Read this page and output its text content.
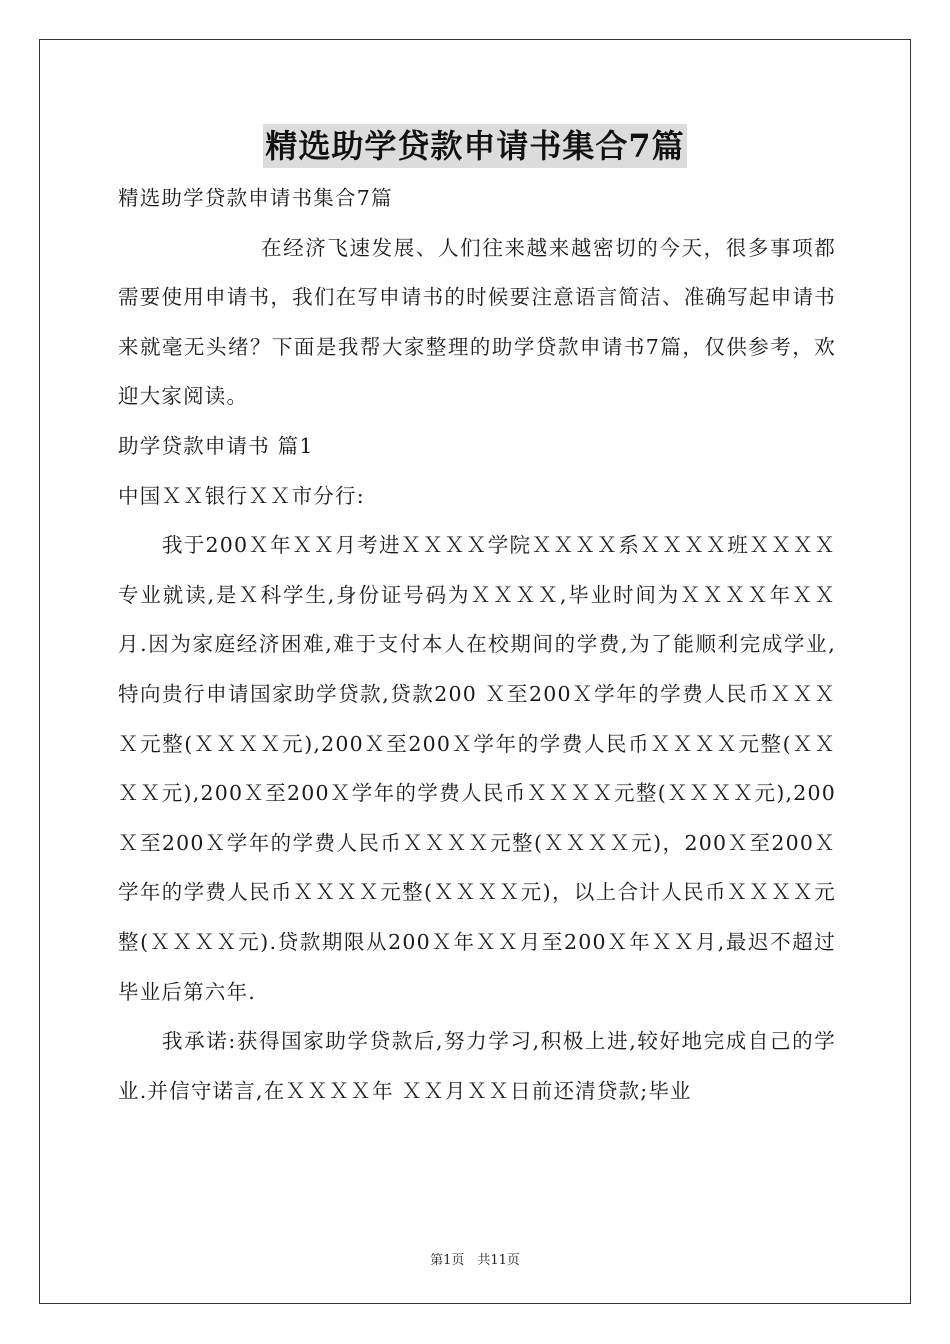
精选助学贷款申请书集合7篇

精选助学贷款申请书集合7篇

在经济飞速发展、人们往来越来越密切的今天，很多事项都需要使用申请书，我们在写申请书的时候要注意语言简洁、准确写起申请书来就毫无头绪？下面是我帮大家整理的助学贷款申请书7篇，仅供参考，欢迎大家阅读。

助学贷款申请书 篇1

中国ＸＸ银行ＸＸ市分行:

我于200Ｘ年ＸＸ月考进ＸＸＸＸ学院ＸＸＸＸ系ＸＸＸＸ班ＸＸＸＸ专业就读,是Ｘ科学生,身份证号码为ＸＸＸＸ,毕业时间为ＸＸＸＸ年ＸＸ月.因为家庭经济困难,难于支付本人在校期间的学费,为了能顺利完成学业,特向贵行申请国家助学贷款,贷款200 Ｘ至200Ｘ学年的学费人民币ＸＸＸＸ元整(ＸＸＸＸ元),200Ｘ至200Ｘ学年的学费人民币ＸＸＸＸ元整(ＸＸＸＸ元),200Ｘ至200Ｘ学年的学费人民币ＸＸＸＸ元整(ＸＸＸＸ元),200Ｘ至200Ｘ学年的学费人民币ＸＸＸＸ元整(ＸＸＸＸ元)，200Ｘ至200Ｘ学年的学费人民币ＸＸＸＸ元整(ＸＸＸＸ元)，以上合计人民币ＸＸＸＸ元整(ＸＸＸＸ元).贷款期限从200Ｘ年ＸＸ月至200Ｘ年ＸＸ月,最迟不超过毕业后第六年.

我承诺:获得国家助学贷款后,努力学习,积极上进,较好地完成自己的学业.并信守诺言,在ＸＸＸＸ年 ＸＸ月ＸＸ日前还清贷款;毕业

第1页　共11页
